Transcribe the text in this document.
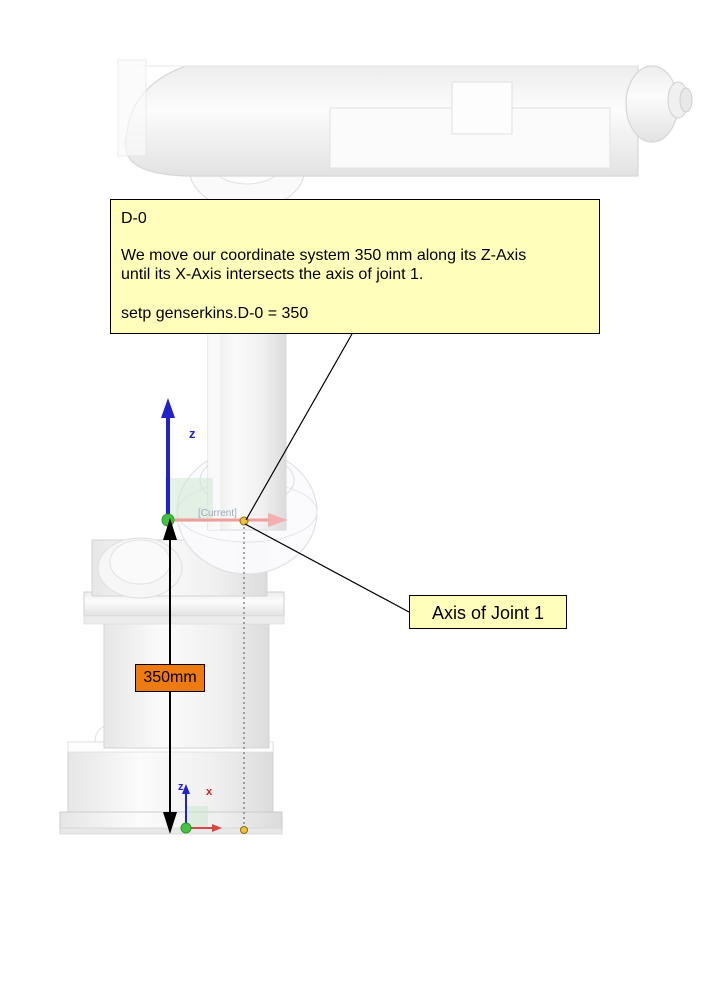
D-0

We move our coordinate system 350 mm along its Z-Axis

until its X-Axis intersects the axis of joint 1.

setp genserkins.D-0 = 350

Axis of Joint 1
350mm
z
z x
[Current]
